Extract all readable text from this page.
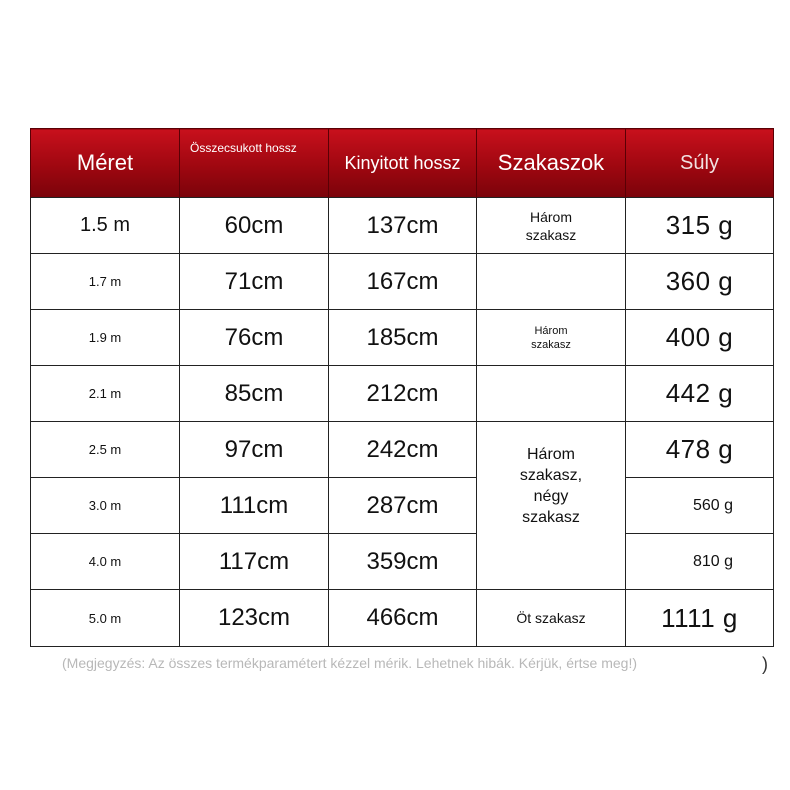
Méret	Összecsukott hossz	Kinyitott hossz	Szakaszok	Súly
1.5 m	60cm	137cm	Három szakasz	315 g
1.7 m	71cm	167cm		360 g
1.9 m	76cm	185cm	Három szakasz	400 g
2.1 m	85cm	212cm		442 g
2.5 m	97cm	242cm		478 g
3.0 m	111cm	287cm	Három szakasz, négy szakasz	560 g
4.0 m	117cm	359cm		810 g
5.0 m	123cm	466cm	Öt szakasz	1111 g
(Megjegyzés: Az összes termékparamétert kézzel mérik. Lehetnek hibák. Kérjük, értse meg!)	)
